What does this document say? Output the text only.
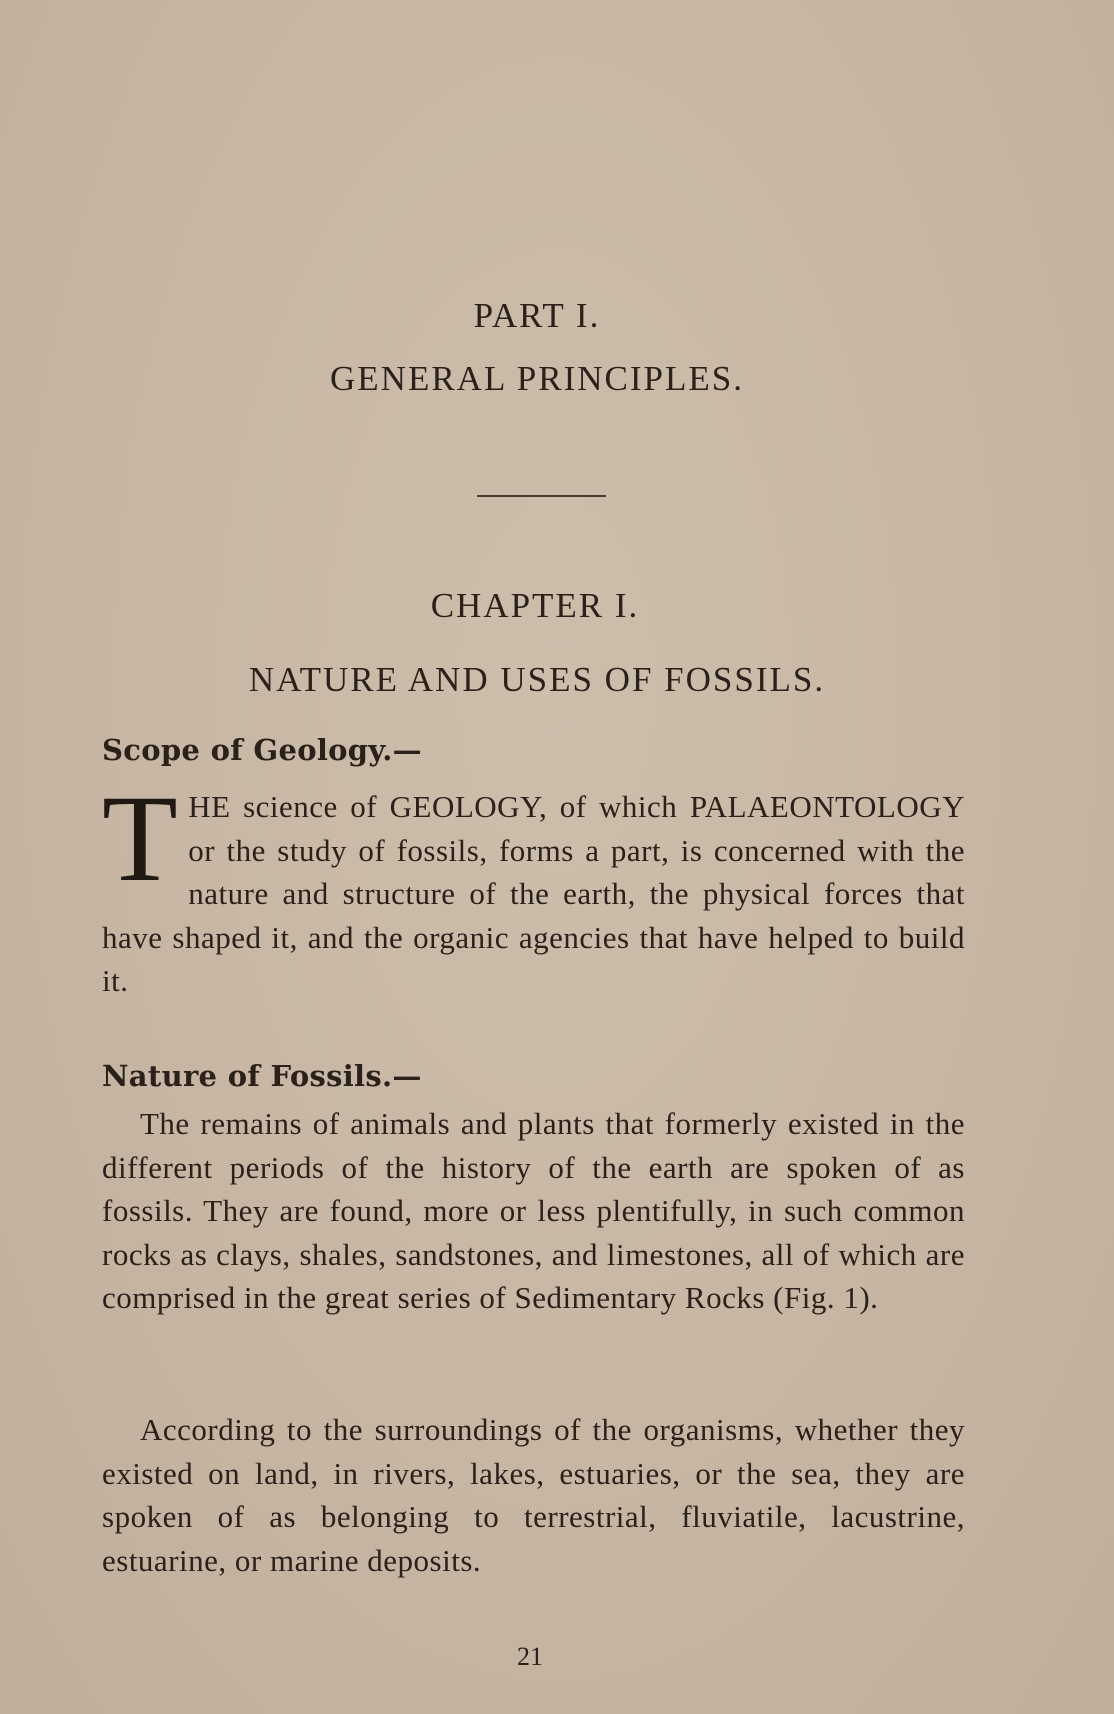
PART I.
GENERAL PRINCIPLES.
CHAPTER I.
NATURE AND USES OF FOSSILS.
Scope of Geology.—

THE science of GEOLOGY, of which PALAEONTOLOGY or the study of fossils, forms a part, is concerned with the nature and structure of the earth, the physical forces that have shaped it, and the organic agencies that have helped to build it.

Nature of Fossils.—

The remains of animals and plants that formerly existed in the different periods of the history of the earth are spoken of as fossils. They are found, more or less plentifully, in such common rocks as clays, shales, sandstones, and limestones, all of which are comprised in the great series of Sedimentary Rocks (Fig. 1).

According to the surroundings of the organisms, whether they existed on land, in rivers, lakes, estuaries, or the sea, they are spoken of as belonging to terrestrial, fluviatile, lacustrine, estuarine, or marine deposits.

21
